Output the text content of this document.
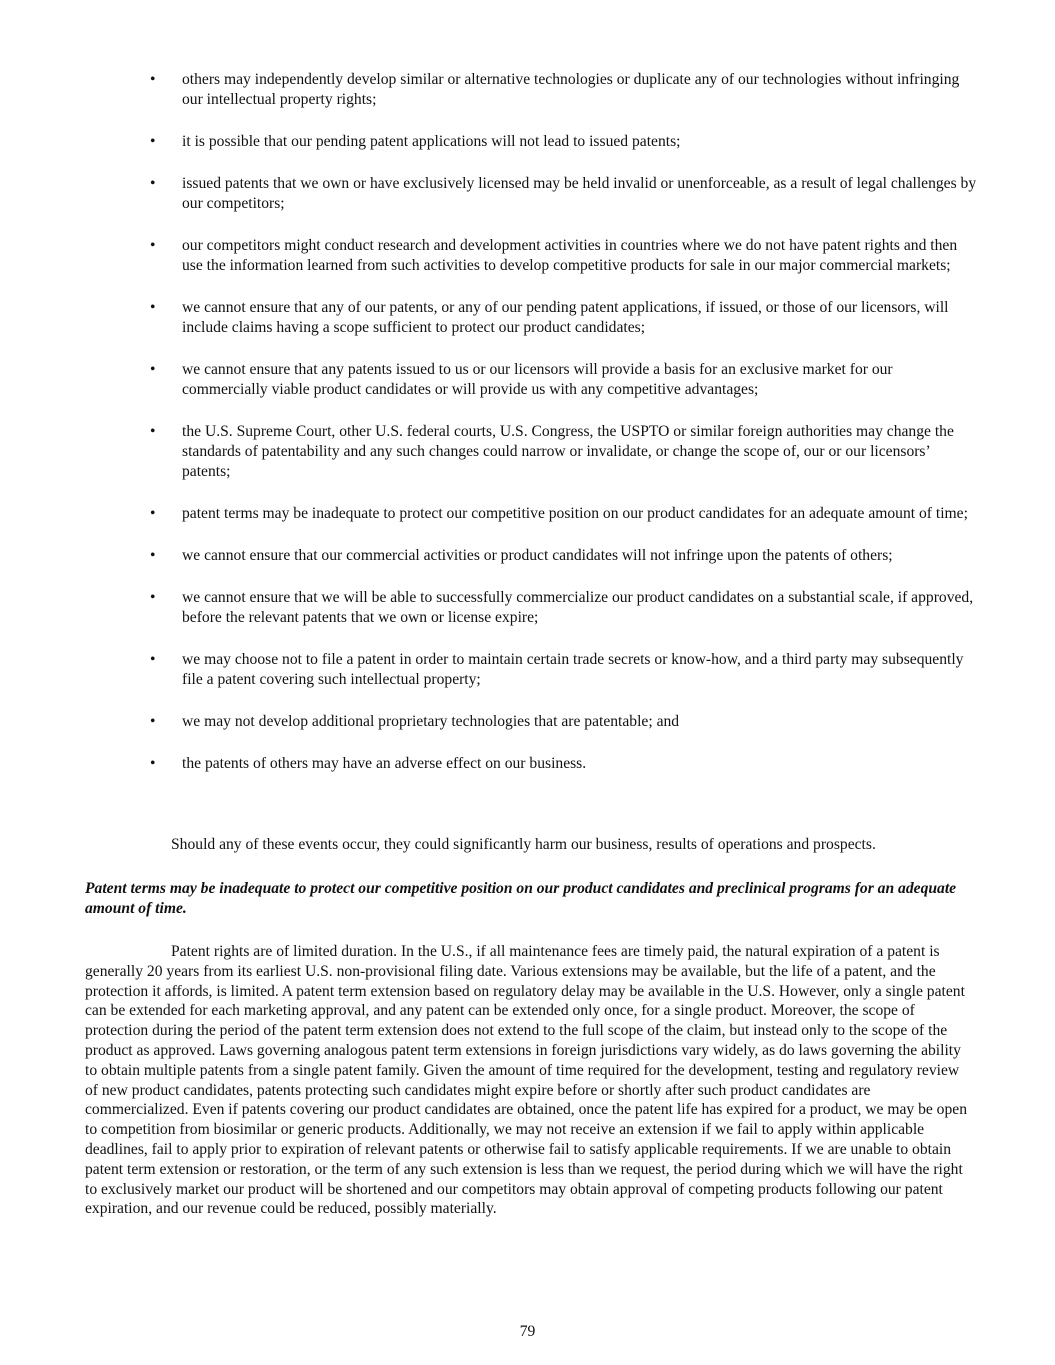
• others may independently develop similar or alternative technologies or duplicate any of our technologies without infringing our intellectual property rights;
• it is possible that our pending patent applications will not lead to issued patents;
• issued patents that we own or have exclusively licensed may be held invalid or unenforceable, as a result of legal challenges by our competitors;
• our competitors might conduct research and development activities in countries where we do not have patent rights and then use the information learned from such activities to develop competitive products for sale in our major commercial markets;
• we cannot ensure that any of our patents, or any of our pending patent applications, if issued, or those of our licensors, will include claims having a scope sufficient to protect our product candidates;
• we cannot ensure that any patents issued to us or our licensors will provide a basis for an exclusive market for our commercially viable product candidates or will provide us with any competitive advantages;
• the U.S. Supreme Court, other U.S. federal courts, U.S. Congress, the USPTO or similar foreign authorities may change the standards of patentability and any such changes could narrow or invalidate, or change the scope of, our or our licensors’ patents;
• patent terms may be inadequate to protect our competitive position on our product candidates for an adequate amount of time;
• we cannot ensure that our commercial activities or product candidates will not infringe upon the patents of others;
• we cannot ensure that we will be able to successfully commercialize our product candidates on a substantial scale, if approved, before the relevant patents that we own or license expire;
• we may choose not to file a patent in order to maintain certain trade secrets or know-how, and a third party may subsequently file a patent covering such intellectual property;
• we may not develop additional proprietary technologies that are patentable; and
• the patents of others may have an adverse effect on our business.

Should any of these events occur, they could significantly harm our business, results of operations and prospects.

Patent terms may be inadequate to protect our competitive position on our product candidates and preclinical programs for an adequate amount of time.

Patent rights are of limited duration. In the U.S., if all maintenance fees are timely paid, the natural expiration of a patent is generally 20 years from its earliest U.S. non-provisional filing date. Various extensions may be available, but the life of a patent, and the protection it affords, is limited. A patent term extension based on regulatory delay may be available in the U.S. However, only a single patent can be extended for each marketing approval, and any patent can be extended only once, for a single product. Moreover, the scope of protection during the period of the patent term extension does not extend to the full scope of the claim, but instead only to the scope of the product as approved. Laws governing analogous patent term extensions in foreign jurisdictions vary widely, as do laws governing the ability to obtain multiple patents from a single patent family. Given the amount of time required for the development, testing and regulatory review of new product candidates, patents protecting such candidates might expire before or shortly after such product candidates are commercialized. Even if patents covering our product candidates are obtained, once the patent life has expired for a product, we may be open to competition from biosimilar or generic products. Additionally, we may not receive an extension if we fail to apply within applicable deadlines, fail to apply prior to expiration of relevant patents or otherwise fail to satisfy applicable requirements. If we are unable to obtain patent term extension or restoration, or the term of any such extension is less than we request, the period during which we will have the right to exclusively market our product will be shortened and our competitors may obtain approval of competing products following our patent expiration, and our revenue could be reduced, possibly materially.

79
